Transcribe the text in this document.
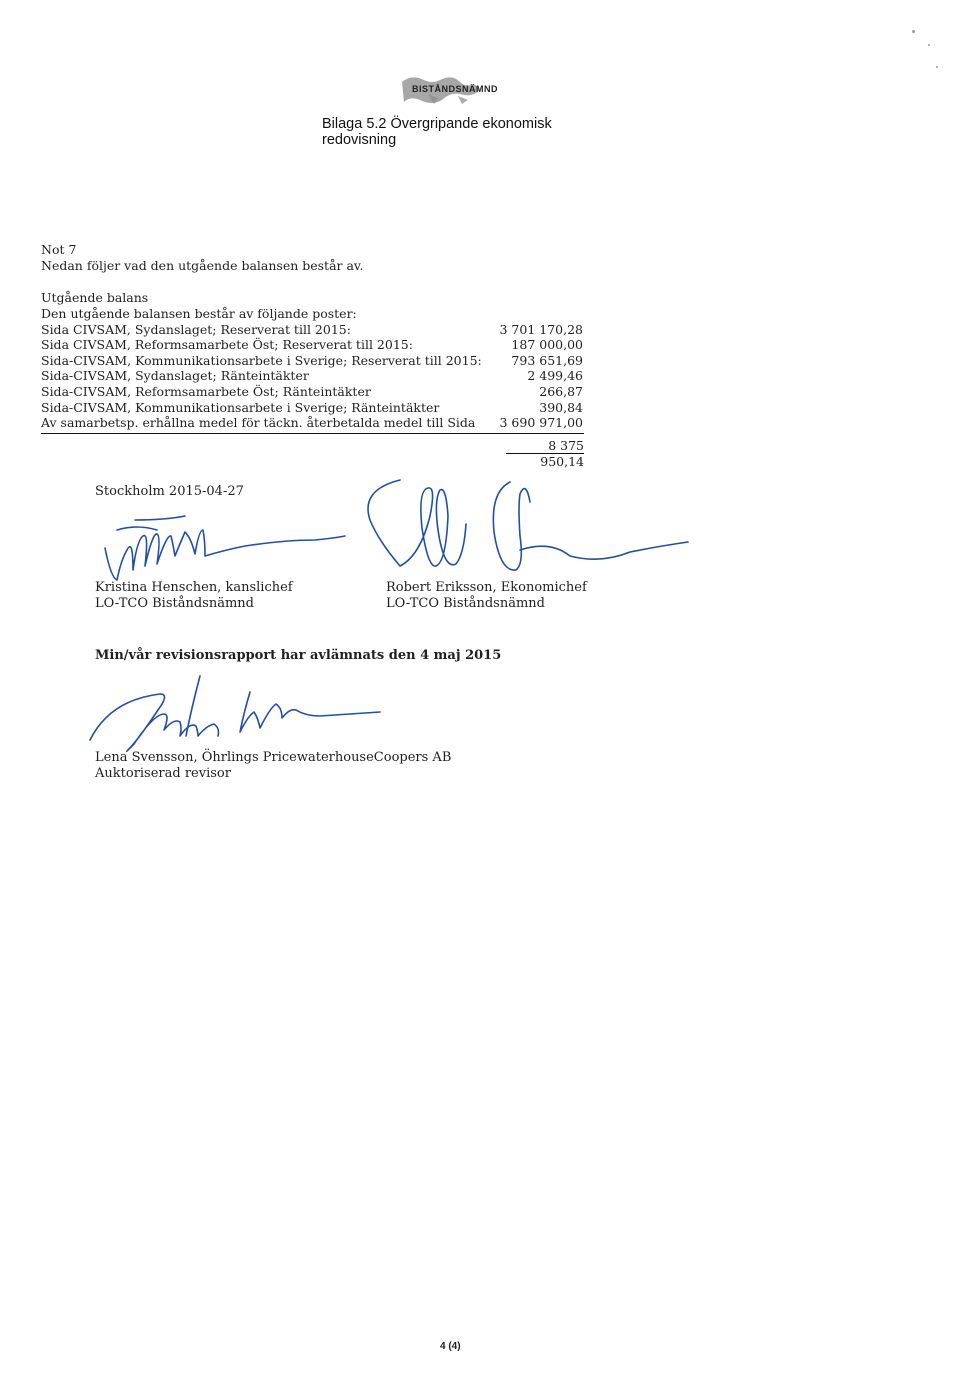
BISTÅNDSNÄMND
Bilaga 5.2 Övergripande ekonomisk redovisning
Not 7
Nedan följer vad den utgående balansen består av.
Utgående balans
Den utgående balansen består av följande poster:
Sida CIVSAM, Sydanslaget; Reserverat till 2015:	3 701 170,28
Sida CIVSAM, Reformsamarbete Öst; Reserverat till 2015:	187 000,00
Sida-CIVSAM, Kommunikationsarbete i Sverige; Reserverat till 2015: 793 651,69
Sida-CIVSAM, Sydanslaget; Ränteintäkter	2 499,46
Sida-CIVSAM, Reformsamarbete Öst; Ränteintäkter	266,87
Sida-CIVSAM, Kommunikationsarbete i Sverige; Ränteintäkter	390,84
Av samarbetsp. erhållna medel för täckn. återbetalda medel till Sida 3 690 971,00
8 375 950,14
Stockholm 2015-04-27
Kristina Henschen, kanslichef
LO-TCO Biståndsnämnd
Robert Eriksson, Ekonomichef
LO-TCO Biståndsnämnd
Min/vår revisionsrapport har avlämnats den 4 maj 2015
Lena Svensson, Öhrlings PricewaterhouseCoopers AB
Auktoriserad revisor
4 (4)
